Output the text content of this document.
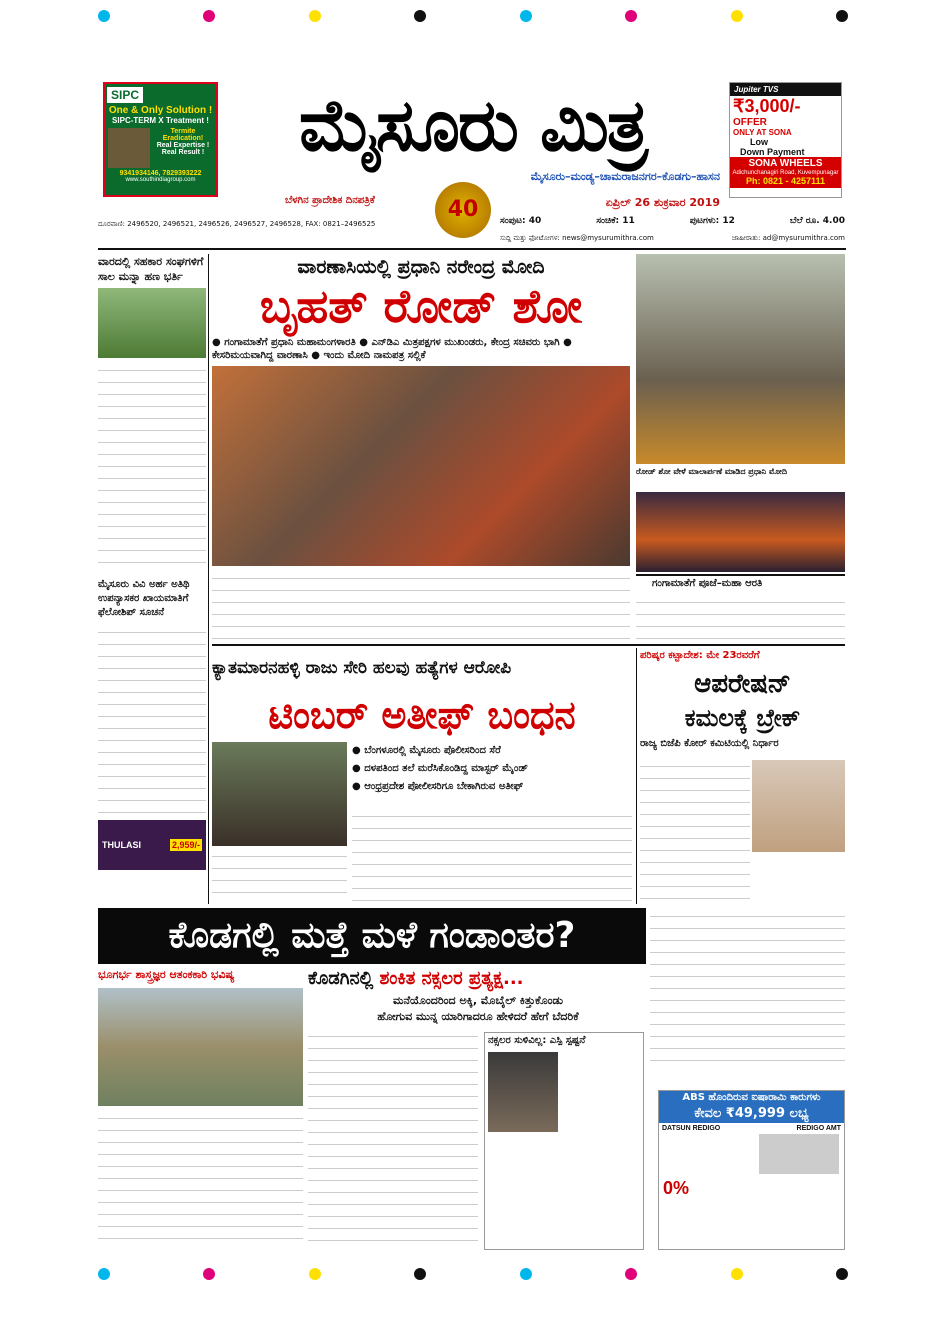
SIPC
One & Only Solution !
SIPC-TERM X Treatment !
Termite Eradication!
Real Expertise !
Real Result !
9341934146, 7829393222
www.southindiagroup.com
ಮೈಸೂರು ಮಿತ್ರ
ಮೈಸೂರು–ಮಂಡ್ಯ–ಚಾಮರಾಜನಗರ–ಕೊಡಗು–ಹಾಸನ
ಬೆಳಗಿನ ಪ್ರಾದೇಶಿಕ ದಿನಪತ್ರಿಕೆ	40	ಏಪ್ರಿಲ್ 26 ಶುಕ್ರವಾರ 2019
Jupiter TVS
₹3,000/-
OFFER
ONLY AT SONA
Low
Down Payment
SONA WHEELS
Adichunchanagiri Road, Kuvempunagar
Ph: 0821 - 4257111
ದೂರವಾಣಿ: 2496520, 2496521, 2496526, 2496527, 2496528, FAX: 0821–2496525	ಸಂಪುಟ: 40	ಸಂಚಿಕೆ: 11	ಪುಟಗಳು: 12	ಬೆಲೆ ರೂ. 4.00
ಸುದ್ದಿ ಮತ್ತು ಫೋಟೋಗಳ: news@mysurumithra.com	ಜಾಹೀರಾತು: ad@mysurumithra.com
ವಾರದಲ್ಲಿ ಸಹಕಾರ ಸಂಘಗಳಿಗೆ ಸಾಲ ಮನ್ನಾ ಹಣ ಭರ್ತಿ
ಮೈಸೂರು ವಿವಿ ಅರ್ಹ ಅತಿಥಿ ಉಪನ್ಯಾಸಕರ ಖಾಯಮಾತಿಗೆ ಫೆಲೋಶಿಪ್ ಸೂಚನೆ
THULASI	2,959/-
ವಾರಣಾಸಿಯಲ್ಲಿ ಪ್ರಧಾನಿ ನರೇಂದ್ರ ಮೋದಿ
ಬೃಹತ್ ರೋಡ್ ಶೋ
● ಗಂಗಾಮಾತೆಗೆ ಪ್ರಧಾನಿ ಮಹಾಮಂಗಳಾರತಿ ● ಎನ್‌ಡಿಎ ಮಿತ್ರಪಕ್ಷಗಳ ಮುಖಂಡರು, ಕೇಂದ್ರ ಸಚಿವರು ಭಾಗಿ ● ಕೇಸರಿಮಯವಾಗಿದ್ದ ವಾರಣಾಸಿ ● ಇಂದು ಮೋದಿ ನಾಮಪತ್ರ ಸಲ್ಲಿಕೆ
ರೋಡ್ ಶೋ ವೇಳೆ ಮಾಲಾರ್ಪಣೆ ಮಾಡಿದ ಪ್ರಧಾನಿ ಮೋದಿ
ಗಂಗಾಮಾತೆಗೆ ಪೂಜೆ–ಮಹಾ ಆರತಿ
ಕ್ಯಾತಮಾರನಹಳ್ಳಿ ರಾಜು ಸೇರಿ ಹಲವು ಹತ್ಯೆಗಳ ಆರೋಪಿ
ಟಿಂಬರ್ ಅತೀಫ್ ಬಂಧನ
● ಬೆಂಗಳೂರಲ್ಲಿ ಮೈಸೂರು ಪೊಲೀಸರಿಂದ ಸೆರೆ
● ದಳಪತಿಂದ ತಲೆ ಮರೆಸಿಕೊಂಡಿದ್ದ ಮಾಸ್ಟರ್ ಮೈಂಡ್
● ಆಂಧ್ರಪ್ರದೇಶ ಪೋಲೀಸರಿಗೂ ಬೇಕಾಗಿರುವ ಅತೀಫ್
ಪರಿಷ್ಕರ ಕಟ್ಟಾದೇಶ: ಮೇ 23ರವರೆಗೆ
ಆಪರೇಷನ್
ಕಮಲಕ್ಕೆ ಬ್ರೇಕ್
ರಾಜ್ಯ ಬಿಜೆಪಿ ಕೋರ್ ಕಮಿಟಿಯಲ್ಲಿ ನಿರ್ಧಾರ
ಕೊಡಗಲ್ಲಿ ಮತ್ತೆ ಮಳೆ ಗಂಡಾಂತರ?
ಭೂಗರ್ಭ ಶಾಸ್ತ್ರಜ್ಞರ ಆತಂಕಕಾರಿ ಭವಿಷ್ಯ	ಕೊಡಗಿನಲ್ಲಿ ಶಂಕಿತ ನಕ್ಸಲರ ಪ್ರತ್ಯಕ್ಷ...
ಮನೆಯೊಂದರಿಂದ ಅಕ್ಕಿ, ಮೊಬೈಲ್ ಕಿತ್ತುಕೊಂಡು
ಹೋಗುವ ಮುನ್ನ ಯಾರಿಗಾದರೂ ಹೇಳಿದರೆ ಹೇಗೆ ಬೆದರಿಕೆ
ನಕ್ಸಲರ ಸುಳಿವಿಲ್ಲ: ಎಸ್ಪಿ ಸ್ಪಷ್ಟನೆ
ABS ಹೊಂದಿರುವ ಐಷಾರಾಮಿ ಕಾರುಗಳು
ಕೇವಲ ₹49,999 ಲಭ್ಯ
DATSUN REDIGO	REDIGO AMT
0%
